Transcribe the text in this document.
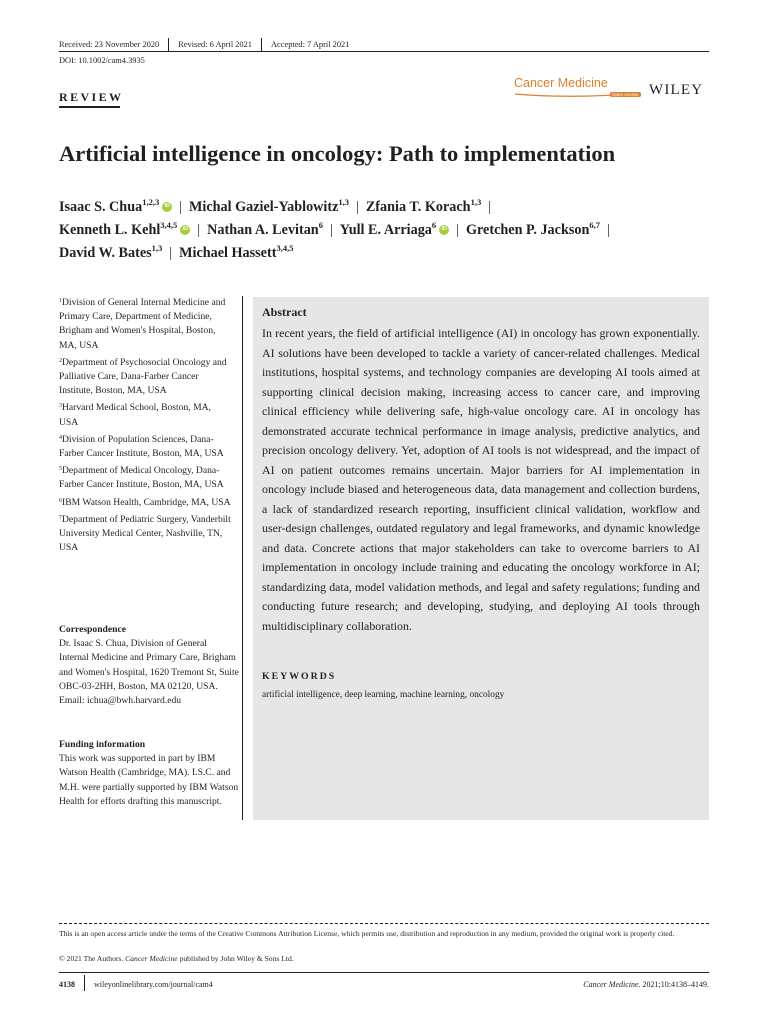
Received: 23 November 2020 Revised: 6 April 2021 Accepted: 7 April 2021
DOI: 10.1002/cam4.3935
REVIEW
Cancer Medicine
Open Access WILEY
Artificial intelligence in oncology: Path to implementation
Isaac S. Chua$^{1,2,3}$ iD | Michal Gaziel-Yablowitz$^{1,3}$ | Zfania T. Korach$^{1,3}$ |
Kenneth L. Kehl$^{3,4,5}$ iD | Nathan A. Levitan$^6$ | Yull E. Arriaga$^6$ iD | Gretchen P. Jackson$^{6,7}$ |
David W. Bates$^{1,3}$ | Michael Hassett$^{3,4,5}$
$^1$Division of General Internal Medicine and Primary Care, Department of Medicine, Brigham and Women's Hospital, Boston, MA, USA
$^2$Department of Psychosocial Oncology and Palliative Care, Dana-Farber Cancer Institute, Boston, MA, USA
$^3$Harvard Medical School, Boston, MA, USA
$^4$Division of Population Sciences, Dana-Farber Cancer Institute, Boston, MA, USA
$^5$Department of Medical Oncology, Dana-Farber Cancer Institute, Boston, MA, USA
$^6$IBM Watson Health, Cambridge, MA, USA
$^7$Department of Pediatric Surgery, Vanderbilt University Medical Center, Nashville, TN, USA
Correspondence
Dr. Isaac S. Chua, Division of General Internal Medicine and Primary Care, Brigham and Women's Hospital, 1620 Tremont St, Suite OBC-03-2HH, Boston, MA 02120, USA.
Email: ichua@bwh.harvard.edu
Funding information
This work was supported in part by IBM Watson Health (Cambridge, MA). I.S.C. and M.H. were partially supported by IBM Watson Health for efforts drafting this manuscript.
Abstract
In recent years, the field of artificial intelligence (AI) in oncology has grown exponentially. AI solutions have been developed to tackle a variety of cancer-related challenges. Medical institutions, hospital systems, and technology companies are developing AI tools aimed at supporting clinical decision making, increasing access to cancer care, and improving clinical efficiency while delivering safe, high-value oncology care. AI in oncology has demonstrated accurate technical performance in image analysis, predictive analytics, and precision oncology delivery. Yet, adoption of AI tools is not widespread, and the impact of AI on patient outcomes remains uncertain. Major barriers for AI implementation in oncology include biased and heterogeneous data, data management and collection burdens, a lack of standardized research reporting, insufficient clinical validation, workflow and user-design challenges, outdated regulatory and legal frameworks, and dynamic knowledge and data. Concrete actions that major stakeholders can take to overcome barriers to AI implementation in oncology include training and educating the oncology workforce in AI; standardizing data, model validation methods, and legal and safety regulations; funding and conducting future research; and developing, studying, and deploying AI tools through multidisciplinary collaboration.
KEYWORDS
artificial intelligence, deep learning, machine learning, oncology
This is an open access article under the terms of the Creative Commons Attribution License, which permits use, distribution and reproduction in any medium, provided the original work is properly cited.
© 2021 The Authors. Cancer Medicine published by John Wiley & Sons Ltd.
4138 wileyonlinelibrary.com/journal/cam4	Cancer Medicine. 2021;10:4138–4149.
